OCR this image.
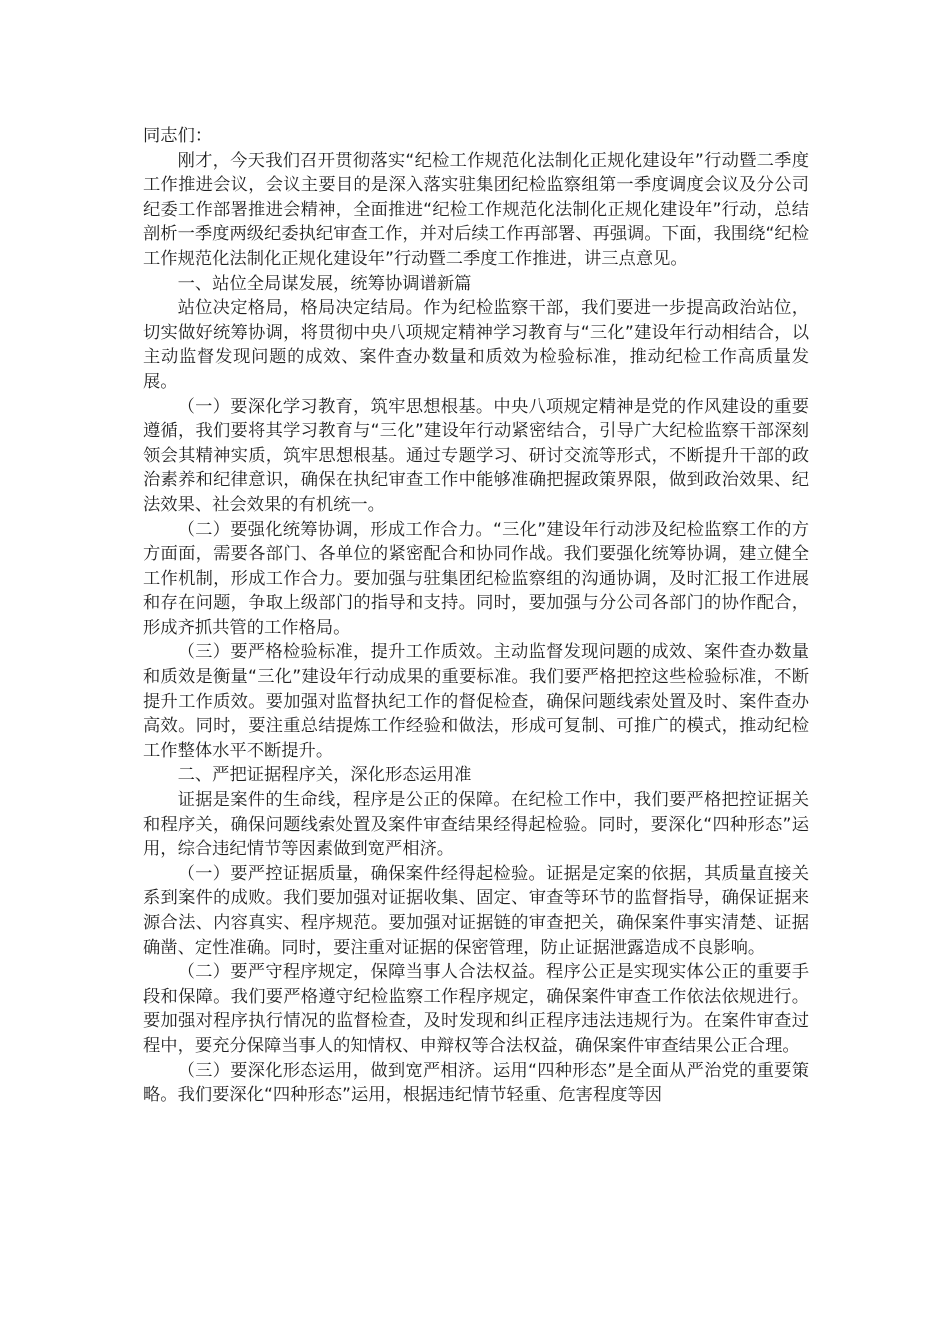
同志们：

刚才，今天我们召开贯彻落实“纪检工作规范化法制化正规化建设年”行动暨二季度工作推进会议，会议主要目的是深入落实驻集团纪检监察组第一季度调度会议及分公司纪委工作部署推进会精神，全面推进“纪检工作规范化法制化正规化建设年”行动，总结剖析一季度两级纪委执纪审查工作，并对后续工作再部署、再强调。下面，我围绕“纪检工作规范化法制化正规化建设年”行动暨二季度工作推进，讲三点意见。

一、站位全局谋发展，统筹协调谱新篇

站位决定格局，格局决定结局。作为纪检监察干部，我们要进一步提高政治站位，切实做好统筹协调，将贯彻中央八项规定精神学习教育与“三化”建设年行动相结合，以主动监督发现问题的成效、案件查办数量和质效为检验标准，推动纪检工作高质量发展。

（一）要深化学习教育，筑牢思想根基。中央八项规定精神是党的作风建设的重要遵循，我们要将其学习教育与“三化”建设年行动紧密结合，引导广大纪检监察干部深刻领会其精神实质，筑牢思想根基。通过专题学习、研讨交流等形式，不断提升干部的政治素养和纪律意识，确保在执纪审查工作中能够准确把握政策界限，做到政治效果、纪法效果、社会效果的有机统一。

（二）要强化统筹协调，形成工作合力。“三化”建设年行动涉及纪检监察工作的方方面面，需要各部门、各单位的紧密配合和协同作战。我们要强化统筹协调，建立健全工作机制，形成工作合力。要加强与驻集团纪检监察组的沟通协调，及时汇报工作进展和存在问题，争取上级部门的指导和支持。同时，要加强与分公司各部门的协作配合，形成齐抓共管的工作格局。

（三）要严格检验标准，提升工作质效。主动监督发现问题的成效、案件查办数量和质效是衡量“三化”建设年行动成果的重要标准。我们要严格把控这些检验标准，不断提升工作质效。要加强对监督执纪工作的督促检查，确保问题线索处置及时、案件查办高效。同时，要注重总结提炼工作经验和做法，形成可复制、可推广的模式，推动纪检工作整体水平不断提升。

二、严把证据程序关，深化形态运用准

证据是案件的生命线，程序是公正的保障。在纪检工作中，我们要严格把控证据关和程序关，确保问题线索处置及案件审查结果经得起检验。同时，要深化“四种形态”运用，综合违纪情节等因素做到宽严相济。

（一）要严控证据质量，确保案件经得起检验。证据是定案的依据，其质量直接关系到案件的成败。我们要加强对证据收集、固定、审查等环节的监督指导，确保证据来源合法、内容真实、程序规范。要加强对证据链的审查把关，确保案件事实清楚、证据确凿、定性准确。同时，要注重对证据的保密管理，防止证据泄露造成不良影响。

（二）要严守程序规定，保障当事人合法权益。程序公正是实现实体公正的重要手段和保障。我们要严格遵守纪检监察工作程序规定，确保案件审查工作依法依规进行。要加强对程序执行情况的监督检查，及时发现和纠正程序违法违规行为。在案件审查过程中，要充分保障当事人的知情权、申辩权等合法权益，确保案件审查结果公正合理。

（三）要深化形态运用，做到宽严相济。运用“四种形态”是全面从严治党的重要策略。我们要深化“四种形态”运用，根据违纪情节轻重、危害程度等因
